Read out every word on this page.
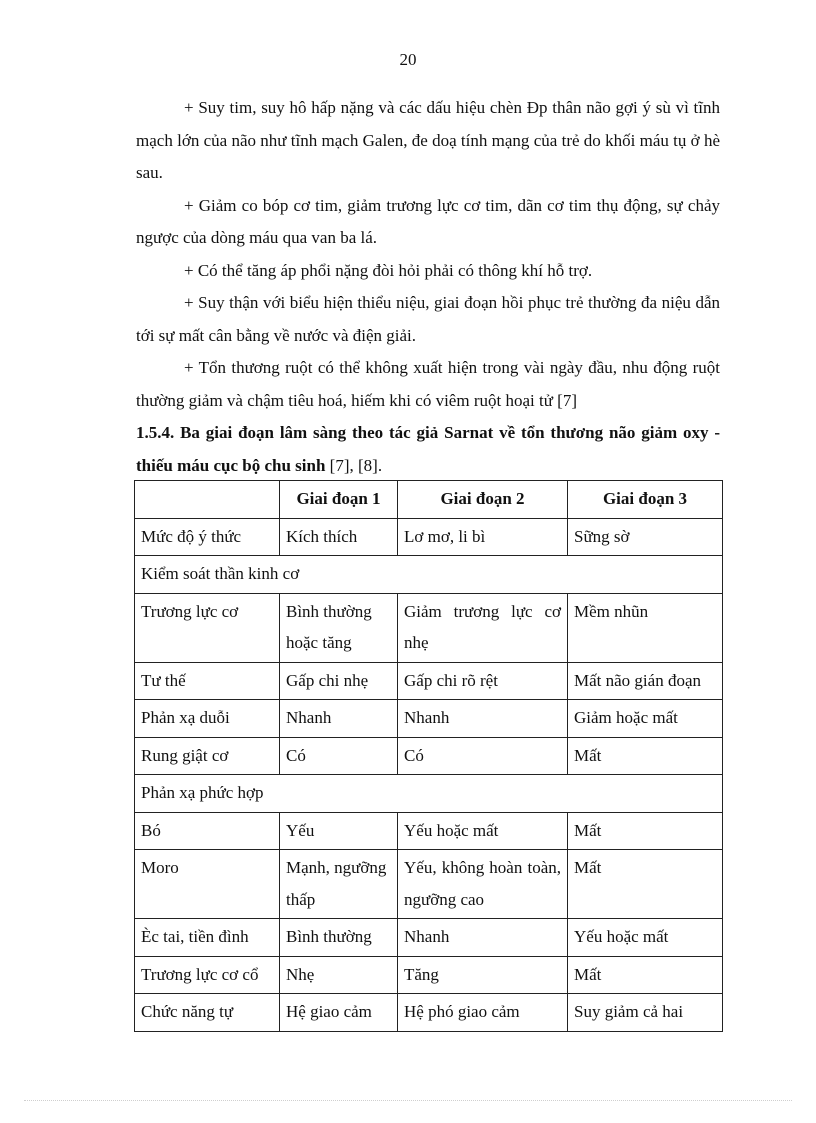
20

+ Suy tim, suy hô hấp nặng và các dấu hiệu chèn Đp thân não gợi ý sù vì tĩnh mạch lớn của não như tĩnh mạch Galen, đe doạ tính mạng của trẻ do khối máu tụ ở hè sau.

+ Giảm co bóp cơ tim, giảm trương lực cơ tim, dãn cơ tim thụ động, sự chảy ngược của dòng máu qua van ba lá.

+ Có thể tăng áp phổi nặng đòi hỏi phải có thông khí hỗ trợ.

+ Suy thận với biểu hiện thiểu niệu, giai đoạn hồi phục trẻ thường đa niệu dẫn tới sự mất cân bằng về nước và điện giải.

+ Tổn thương ruột có thể không xuất hiện trong vài ngày đầu, nhu động ruột thường giảm và chậm tiêu hoá, hiếm khi có viêm ruột hoại tử [7]

1.5.4. Ba giai đoạn lâm sàng theo tác giả Sarnat về tổn thương não giảm oxy - thiếu máu cục bộ chu sinh [7], [8].

	Giai đoạn 1	Giai đoạn 2	Giai đoạn 3
Mức độ ý thức	Kích thích	Lơ mơ, li bì	Sững sờ
Kiểm soát thần kinh cơ			
Trương lực cơ	Bình thường hoặc tăng	Giảm trương lực cơ nhẹ	Mềm nhũn
Tư thế	Gấp chi nhẹ	Gấp chi rõ rệt	Mất não gián đoạn
Phản xạ duỗi	Nhanh	Nhanh	Giảm hoặc mất
Rung giật cơ	Có	Có	Mất
Phản xạ phức hợp			
Bó	Yếu	Yếu hoặc mất	Mất
Moro	Mạnh, ngưỡng thấp	Yếu, không hoàn toàn, ngưỡng cao	Mất
Èc tai, tiền đình	Bình thường	Nhanh	Yếu hoặc mất
Trương lực cơ cổ	Nhẹ	Tăng	Mất
Chức năng tự	Hệ giao cảm	Hệ phó giao cảm	Suy giảm cả hai
